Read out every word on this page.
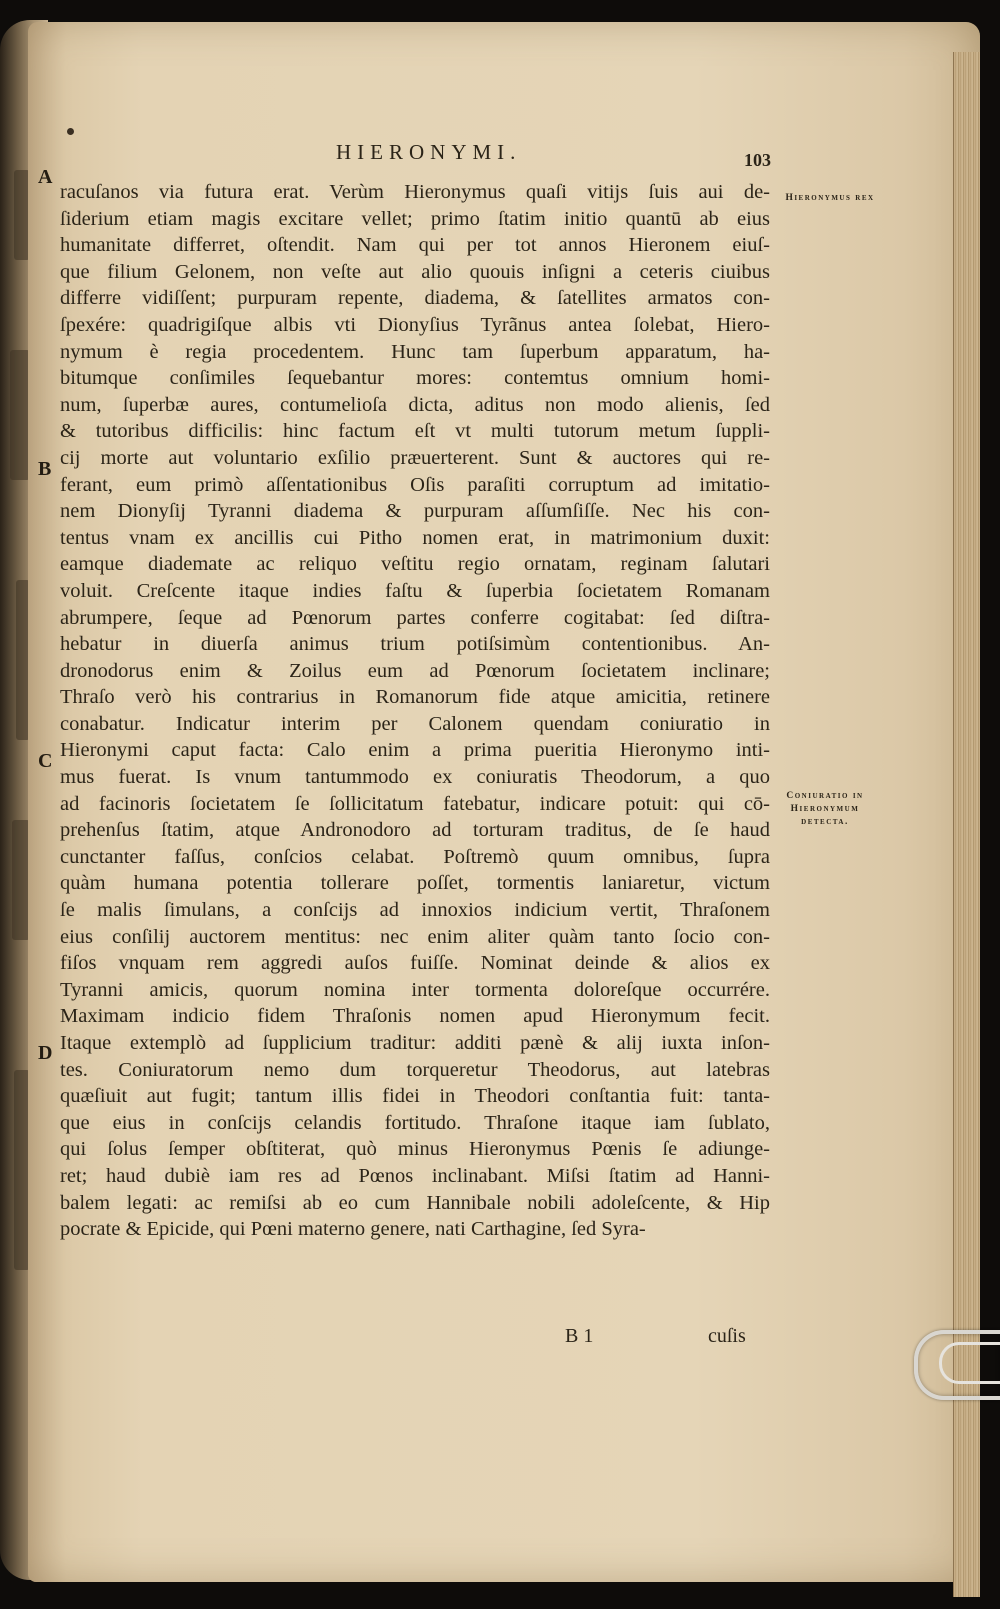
HIERONYMI.	103
A
B
C
D
Hieronymus rex
Coniuratio in Hieronymum detecta.
racuſanos via futura erat. Verùm Hieronymus quaſi vitijs ſuis aui de-
ſiderium etiam magis excitare vellet; primo ſtatim initio quantū ab eius
humanitate differret, oſtendit. Nam qui per tot annos Hieronem eiuſ-
que filium Gelonem, non veſte aut alio quouis inſigni a ceteris ciuibus
differre vidiſſent; purpuram repente, diadema, & ſatellites armatos con-
ſpexére: quadrigiſque albis vti Dionyſius Tyrãnus antea ſolebat, Hiero-
nymum è regia procedentem. Hunc tam ſuperbum apparatum, ha-
bitumque conſimiles ſequebantur mores: contemtus omnium homi-
num, ſuperbæ aures, contumelioſa dicta, aditus non modo alienis, ſed
& tutoribus difficilis: hinc factum eſt vt multi tutorum metum ſuppli-
cij morte aut voluntario exſilio præuerterent. Sunt & auctores qui re-
ferant, eum primò aſſentationibus Oſis paraſiti corruptum ad imitatio-
nem Dionyſij Tyranni diadema & purpuram aſſumſiſſe. Nec his con-
tentus vnam ex ancillis cui Pitho nomen erat, in matrimonium duxit:
eamque diademate ac reliquo veſtitu regio ornatam, reginam ſalutari
voluit. Creſcente itaque indies faſtu & ſuperbia ſocietatem Romanam
abrumpere, ſeque ad Pœnorum partes conferre cogitabat: ſed diſtra-
hebatur in diuerſa animus trium potiſsimùm contentionibus. An-
dronodorus enim & Zoilus eum ad Pœnorum ſocietatem inclinare;
Thraſo verò his contrarius in Romanorum fide atque amicitia, retinere
conabatur. Indicatur interim per Calonem quendam coniuratio in
Hieronymi caput facta: Calo enim a prima pueritia Hieronymo inti-
mus fuerat. Is vnum tantummodo ex coniuratis Theodorum, a quo
ad facinoris ſocietatem ſe ſollicitatum fatebatur, indicare potuit: qui cō-
prehenſus ſtatim, atque Andronodoro ad torturam traditus, de ſe haud
cunctanter faſſus, conſcios celabat. Poſtremò quum omnibus, ſupra
quàm humana potentia tollerare poſſet, tormentis laniaretur, victum
ſe malis ſimulans, a conſcijs ad innoxios indicium vertit, Thraſonem
eius conſilij auctorem mentitus: nec enim aliter quàm tanto ſocio con-
fiſos vnquam rem aggredi auſos fuiſſe. Nominat deinde & alios ex
Tyranni amicis, quorum nomina inter tormenta doloreſque occurrére.
Maximam indicio fidem Thraſonis nomen apud Hieronymum fecit.
Itaque extemplò ad ſupplicium traditur: additi pænè & alij iuxta inſon-
tes. Coniuratorum nemo dum torqueretur Theodorus, aut latebras
quæſiuit aut fugit; tantum illis fidei in Theodori conſtantia fuit: tanta-
que eius in conſcijs celandis fortitudo. Thraſone itaque iam ſublato,
qui ſolus ſemper obſtiterat, quò minus Hieronymus Pœnis ſe adiunge-
ret; haud dubiè iam res ad Pœnos inclinabant. Miſsi ſtatim ad Hanni-
balem legati: ac remiſsi ab eo cum Hannibale nobili adoleſcente, & Hip
pocrate & Epicide, qui Pœni materno genere, nati Carthagine, ſed Syra-
B 1	cuſis
